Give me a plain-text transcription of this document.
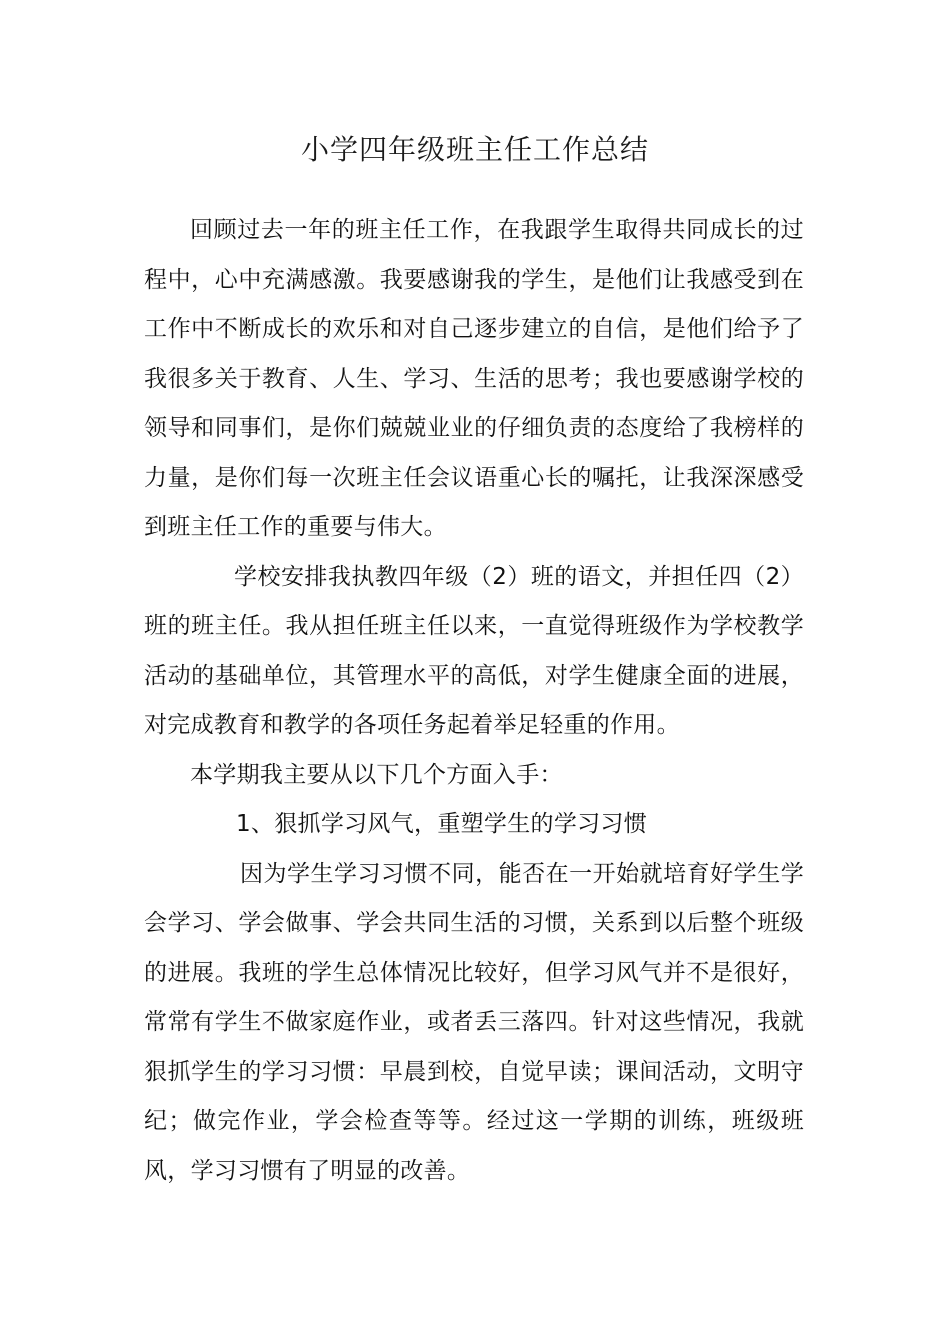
小学四年级班主任工作总结

回顾过去一年的班主任工作，在我跟学生取得共同成长的过程中，心中充满感激。我要感谢我的学生，是他们让我感受到在工作中不断成长的欢乐和对自己逐步建立的自信，是他们给予了我很多关于教育、人生、学习、生活的思考；我也要感谢学校的领导和同事们，是你们兢兢业业的仔细负责的态度给了我榜样的力量，是你们每一次班主任会议语重心长的嘱托，让我深深感受到班主任工作的重要与伟大。

学校安排我执教四年级（2）班的语文，并担任四（2）班的班主任。我从担任班主任以来，一直觉得班级作为学校教学活动的基础单位，其管理水平的高低，对学生健康全面的进展，对完成教育和教学的各项任务起着举足轻重的作用。

本学期我主要从以下几个方面入手：

1、狠抓学习风气，重塑学生的学习习惯

因为学生学习习惯不同，能否在一开始就培育好学生学会学习、学会做事、学会共同生活的习惯，关系到以后整个班级的进展。我班的学生总体情况比较好，但学习风气并不是很好，常常有学生不做家庭作业，或者丢三落四。针对这些情况，我就狠抓学生的学习习惯：早晨到校，自觉早读；课间活动，文明守纪；做完作业，学会检查等等。经过这一学期的训练，班级班风，学习习惯有了明显的改善。
